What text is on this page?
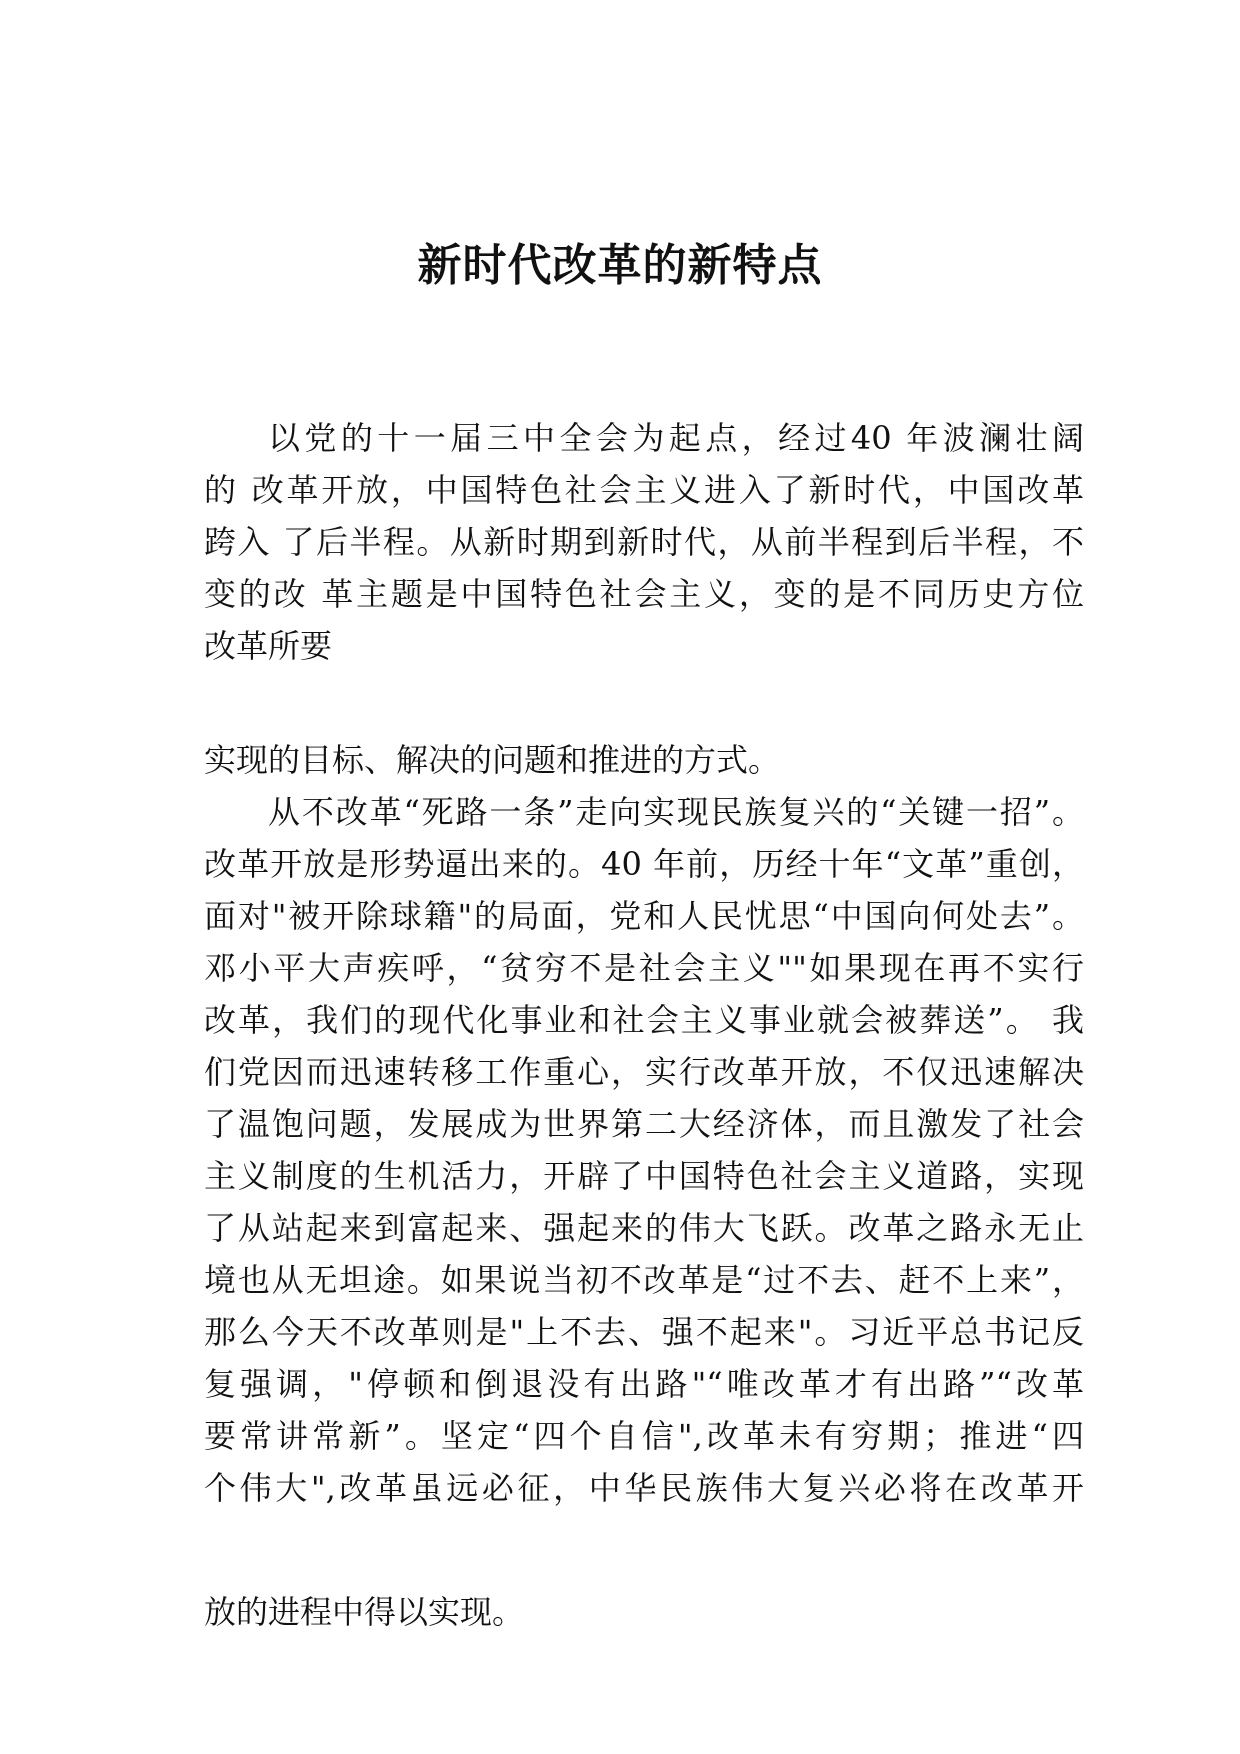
新时代改革的新特点
以党的十一届三中全会为起点，经过40 年波澜壮阔
的 改革开放，中国特色社会主义进入了新时代，中国改革
跨入 了后半程。从新时期到新时代，从前半程到后半程，不
变的改 革主题是中国特色社会主义，变的是不同历史方位
改革所要
实现的目标、解决的问题和推进的方式。
从不改革“死路一条”走向实现民族复兴的“关键一招”。
改革开放是形势逼出来的。40 年前，历经十年“文革”重创，
面对"被开除球籍"的局面，党和人民忧思“中国向何处去”。
邓小平大声疾呼，“贫穷不是社会主义""如果现在再不实行
改革，我们的现代化事业和社会主义事业就会被葬送”。 我
们党因而迅速转移工作重心，实行改革开放，不仅迅速解决
了温饱问题，发展成为世界第二大经济体，而且激发了社会
主义制度的生机活力，开辟了中国特色社会主义道路，实现
了从站起来到富起来、强起来的伟大飞跃。改革之路永无止
境也从无坦途。如果说当初不改革是“过不去、赶不上来”，
那么今天不改革则是"上不去、强不起来"。习近平总书记反
复强调，"停顿和倒退没有出路"“唯改革才有出路”“改革
要常讲常新”。坚定“四个自信",改革未有穷期；推进“四
个伟大",改革虽远必征，中华民族伟大复兴必将在改革开
放的进程中得以实现。
